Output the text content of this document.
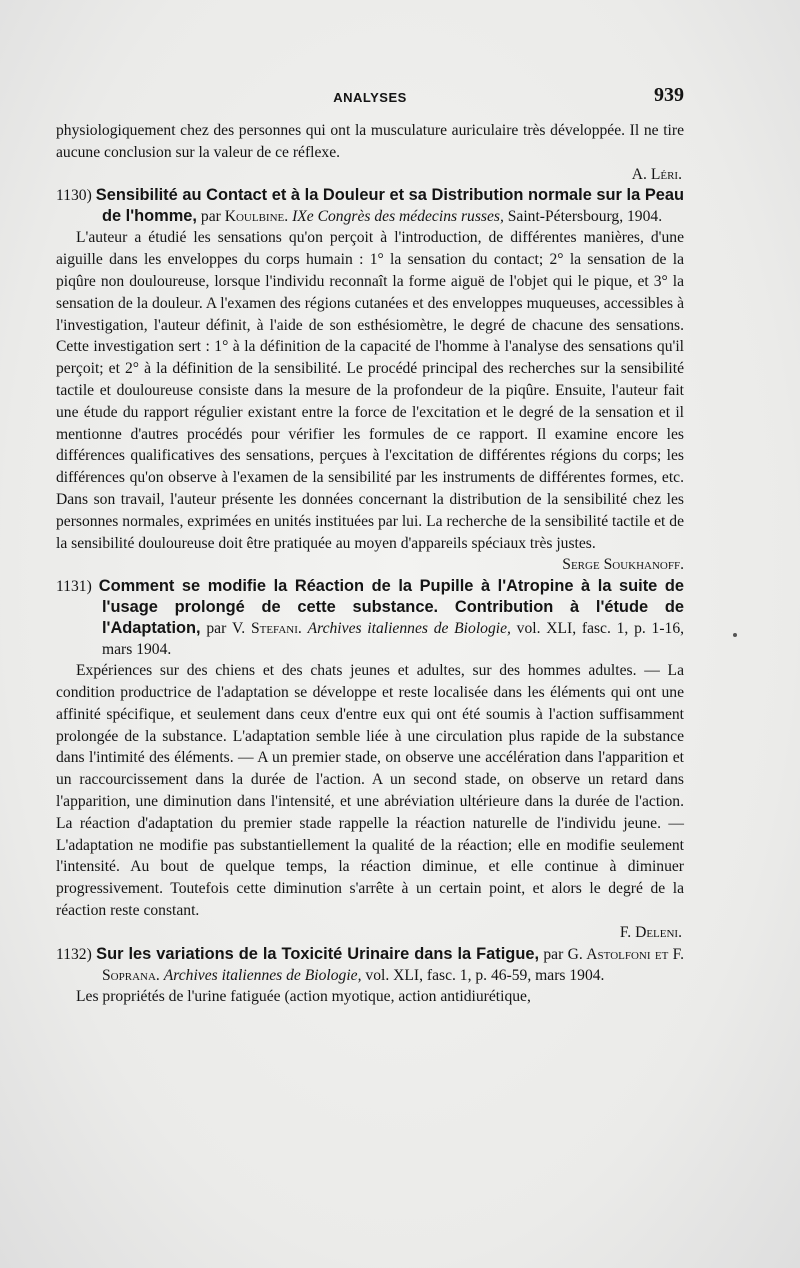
ANALYSES	939

physiologiquement chez des personnes qui ont la musculature auriculaire très développée. Il ne tire aucune conclusion sur la valeur de ce réflexe.

A. Léri.

1130) Sensibilité au Contact et à la Douleur et sa Distribution normale sur la Peau de l'homme, par Koulbine. IXe Congrès des médecins russes, Saint-Pétersbourg, 1904.

L'auteur a étudié les sensations qu'on perçoit à l'introduction, de différentes manières, d'une aiguille dans les enveloppes du corps humain : 1° la sensation du contact; 2° la sensation de la piqûre non douloureuse, lorsque l'individu reconnaît la forme aiguë de l'objet qui le pique, et 3° la sensation de la douleur. A l'examen des régions cutanées et des enveloppes muqueuses, accessibles à l'investigation, l'auteur définit, à l'aide de son esthésiomètre, le degré de chacune des sensations. Cette investigation sert : 1° à la définition de la capacité de l'homme à l'analyse des sensations qu'il perçoit; et 2° à la définition de la sensibilité. Le procédé principal des recherches sur la sensibilité tactile et douloureuse consiste dans la mesure de la profondeur de la piqûre. Ensuite, l'auteur fait une étude du rapport régulier existant entre la force de l'excitation et le degré de la sensation et il mentionne d'autres procédés pour vérifier les formules de ce rapport. Il examine encore les différences qualificatives des sensations, perçues à l'excitation de différentes régions du corps; les différences qu'on observe à l'examen de la sensibilité par les instruments de différentes formes, etc. Dans son travail, l'auteur présente les données concernant la distribution de la sensibilité chez les personnes normales, exprimées en unités instituées par lui. La recherche de la sensibilité tactile et de la sensibilité douloureuse doit être pratiquée au moyen d'appareils spéciaux très justes.
Serge Soukhanoff.

1131) Comment se modifie la Réaction de la Pupille à l'Atropine à la suite de l'usage prolongé de cette substance. Contribution à l'étude de l'Adaptation, par V. Stefani. Archives italiennes de Biologie, vol. XLI, fasc. 1, p. 1-16, mars 1904.

Expériences sur des chiens et des chats jeunes et adultes, sur des hommes adultes. — La condition productrice de l'adaptation se développe et reste localisée dans les éléments qui ont une affinité spécifique, et seulement dans ceux d'entre eux qui ont été soumis à l'action suffisamment prolongée de la substance. L'adaptation semble liée à une circulation plus rapide de la substance dans l'intimité des éléments. — A un premier stade, on observe une accélération dans l'apparition et un raccourcissement dans la durée de l'action. A un second stade, on observe un retard dans l'apparition, une diminution dans l'intensité, et une abréviation ultérieure dans la durée de l'action. La réaction d'adaptation du premier stade rappelle la réaction naturelle de l'individu jeune. — L'adaptation ne modifie pas substantiellement la qualité de la réaction; elle en modifie seulement l'intensité. Au bout de quelque temps, la réaction diminue, et elle continue à diminuer progressivement. Toutefois cette diminution s'arrête à un certain point, et alors le degré de la réaction reste constant.

F. Deleni.

1132) Sur les variations de la Toxicité Urinaire dans la Fatigue, par G. Astolfoni et F. Soprana. Archives italiennes de Biologie, vol. XLI, fasc. 1, p. 46-59, mars 1904.

Les propriétés de l'urine fatiguée (action myotique, action antidiurétique,
